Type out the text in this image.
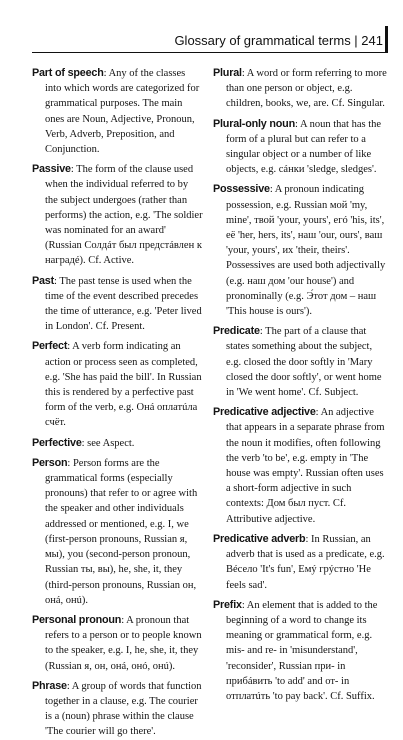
Glossary of grammatical terms | 241

Part of speech: Any of the classes into which words are categorized for grammatical purposes. The main ones are Noun, Adjective, Pronoun, Verb, Adverb, Preposition, and Conjunction.

Passive: The form of the clause used when the individual referred to by the subject undergoes (rather than performs) the action, e.g. 'The soldier was nominated for an award' (Russian Солдáт был предстáвлен к наградé). Cf. Active.

Past: The past tense is used when the time of the event described precedes the time of utterance, e.g. 'Peter lived in London'. Cf. Present.

Perfect: A verb form indicating an action or process seen as completed, e.g. 'She has paid the bill'. In Russian this is rendered by a perfective past form of the verb, e.g. Онá оплатúла счёт.

Perfective: see Aspect.

Person: Person forms are the grammatical forms (especially pronouns) that refer to or agree with the speaker and other individuals addressed or mentioned, e.g. I, we (first-person pronouns, Russian я, мы), you (second-person pronoun, Russian ты, вы), he, she, it, they (third-person pronouns, Russian он, онá, онú).

Personal pronoun: A pronoun that refers to a person or to people known to the speaker, e.g. I, he, she, it, they (Russian я, он, онá, онó, онú).

Phrase: A group of words that function together in a clause, e.g. The courier is a (noun) phrase within the clause 'The courier will go there'.

Plural: A word or form referring to more than one person or object, e.g. children, books, we, are. Cf. Singular.

Plural-only noun: A noun that has the form of a plural but can refer to a singular object or a number of like objects, e.g. сáнки 'sledge, sledges'.

Possessive: A pronoun indicating possession, e.g. Russian мой 'my, mine', твой 'your, yours', егó 'his, its', её 'her, hers, its', наш 'our, ours', ваш 'your, yours', их 'their, theirs'. Possessives are used both adjectivally (e.g. наш дом 'our house') and pronominally (e.g. Э́тот дом – наш 'This house is ours').

Predicate: The part of a clause that states something about the subject, e.g. closed the door softly in 'Mary closed the door softly', or went home in 'We went home'. Cf. Subject.

Predicative adjective: An adjective that appears in a separate phrase from the noun it modifies, often following the verb 'to be', e.g. empty in 'The house was empty'. Russian often uses a short-form adjective in such contexts: Дом был пуст. Cf. Attributive adjective.

Predicative adverb: In Russian, an adverb that is used as a predicate, e.g. Вéсело 'It's fun', Емý грýстно 'He feels sad'.

Prefix: An element that is added to the beginning of a word to change its meaning or grammatical form, e.g. mis- and re- in 'misunderstand', 'reconsider', Russian при- in прибáвить 'to add' and от- in отплатúть 'to pay back'. Cf. Suffix.
